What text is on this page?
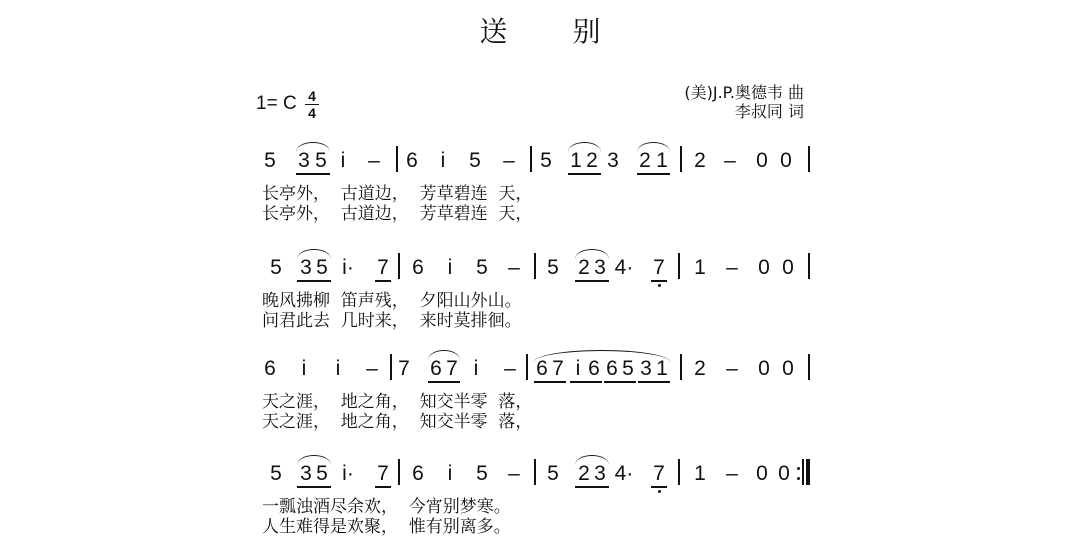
送 别
1= C 4
4
(美)J.P.奥德韦 曲
李叔同 词
5 3 5 i	– 6	i	5 – 5 1 2 3 2 1 2 – 0 0
长亭外，  古道边，  芳草碧连  天，
长亭外，  古道边，  芳草碧连  天，
5 3 5 i· 7 6	i	5 – 5 2 3 4· 7 1 – 0 0
晚风拂柳  笛声残，  夕阳山外山。
问君此去  几时来，  来时莫排徊。
6	i	i	– 7 6 7 i	– 6 7 i 6 6 5 3 1 2 – 0 0
天之涯，  地之角，  知交半零  落，
天之涯，  地之角，  知交半零  落，
5 3 5 i· 7 6	i	5 – 5 2 3 4· 7 1 – 0 0
一瓢浊酒尽余欢，  今宵别梦寒。
人生难得是欢聚，  惟有别离多。
